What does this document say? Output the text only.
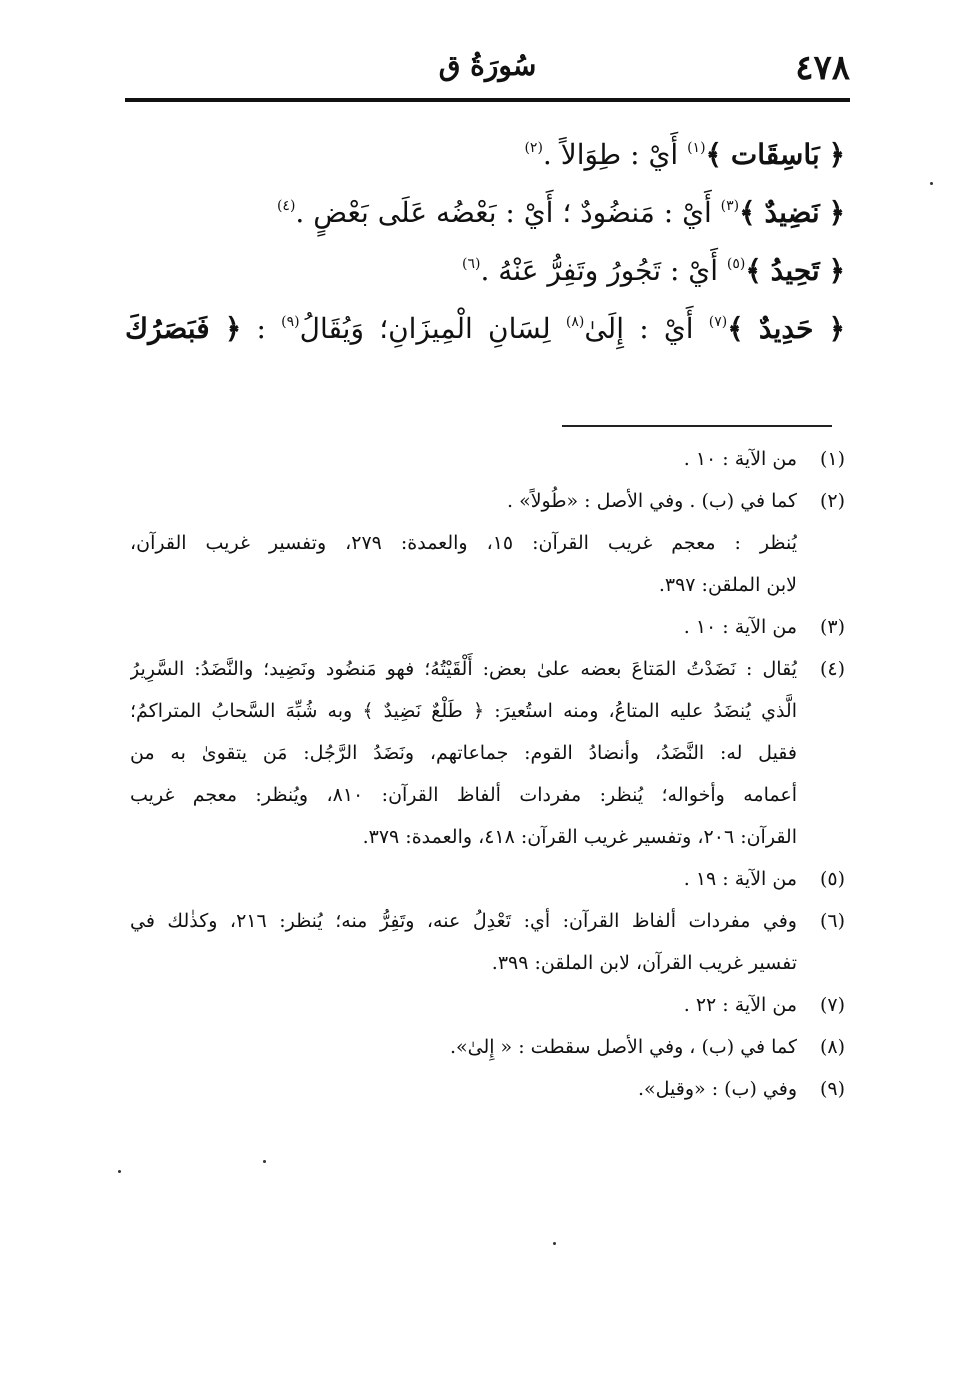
٤٧٨
سُورَةُ ق
﴿ بَاسِقَات ﴾$^{(١)}$ أَيْ : طِوَالاً .$^{(٢)}$
﴿ نَضِيدٌ ﴾$^{(٣)}$ أَيْ : مَنضُودٌ ؛ أَيْ : بَعْضُه عَلَى بَعْضٍ .$^{(٤)}$
﴿ تَحِيدُ ﴾$^{(٥)}$ أَيْ : تَجُورُ وتَفِرُّ عَنْهُ .$^{(٦)}$
﴿ حَدِيدٌ ﴾$^{(٧)}$ أَيْ : إِلَىٰ$^{(٨)}$ لِسَانِ الْمِيزَانِ؛ وَيُقَالُ$^{(٩)}$ : ﴿ فَبَصَرُكَ
(١)
من الآية : ١٠ .
(٢)
كما في (ب) . وفي الأصل : «طُولاً» .
يُنظر : معجم غريب القرآن: ١٥، والعمدة: ٢٧٩، وتفسير غريب القرآن،
لابن الملقن: ٣٩٧.
(٣)
من الآية : ١٠ .
(٤)
يُقال : نَضَدْتُ المَتاعَ بعضه علىٰ بعض: أَلْقَيْتُهُ؛ فهو مَنضُود ونَضِيد؛ والنَّضَدُ: السَّرِيرُ
الَّذي يُنضَدُ عليه المتاعُ، ومنه استُعيرَ: ﴿ طَلْعٌ نَضِيدٌ ﴾ وبه شُبِّهَ السَّحابُ المتراكمُ؛
فقيل له: النَّضَدُ، وأنضادُ القوم: جماعاتهم، ونَضَدُ الرَّجُل: مَن يتقوىٰ به من
أعمامه وأخواله؛ يُنظر: مفردات ألفاظ القرآن: ٨١٠، ويُنظر: معجم غريب
القرآن: ٢٠٦، وتفسير غريب القرآن: ٤١٨، والعمدة: ٣٧٩.
(٥)
من الآية : ١٩ .
(٦)
وفي مفردات ألفاظ القرآن: أي: تَعْدِلُ عنه، وتَفِرُّ منه؛ يُنظر: ٢١٦، وكذٰلك في
تفسير غريب القرآن، لابن الملقن: ٣٩٩.
(٧)
من الآية : ٢٢ .
(٨)
كما في (ب) ، وفي الأصل سقطت : « إِلىٰ».
(٩)
وفي (ب) : «وقيل».
